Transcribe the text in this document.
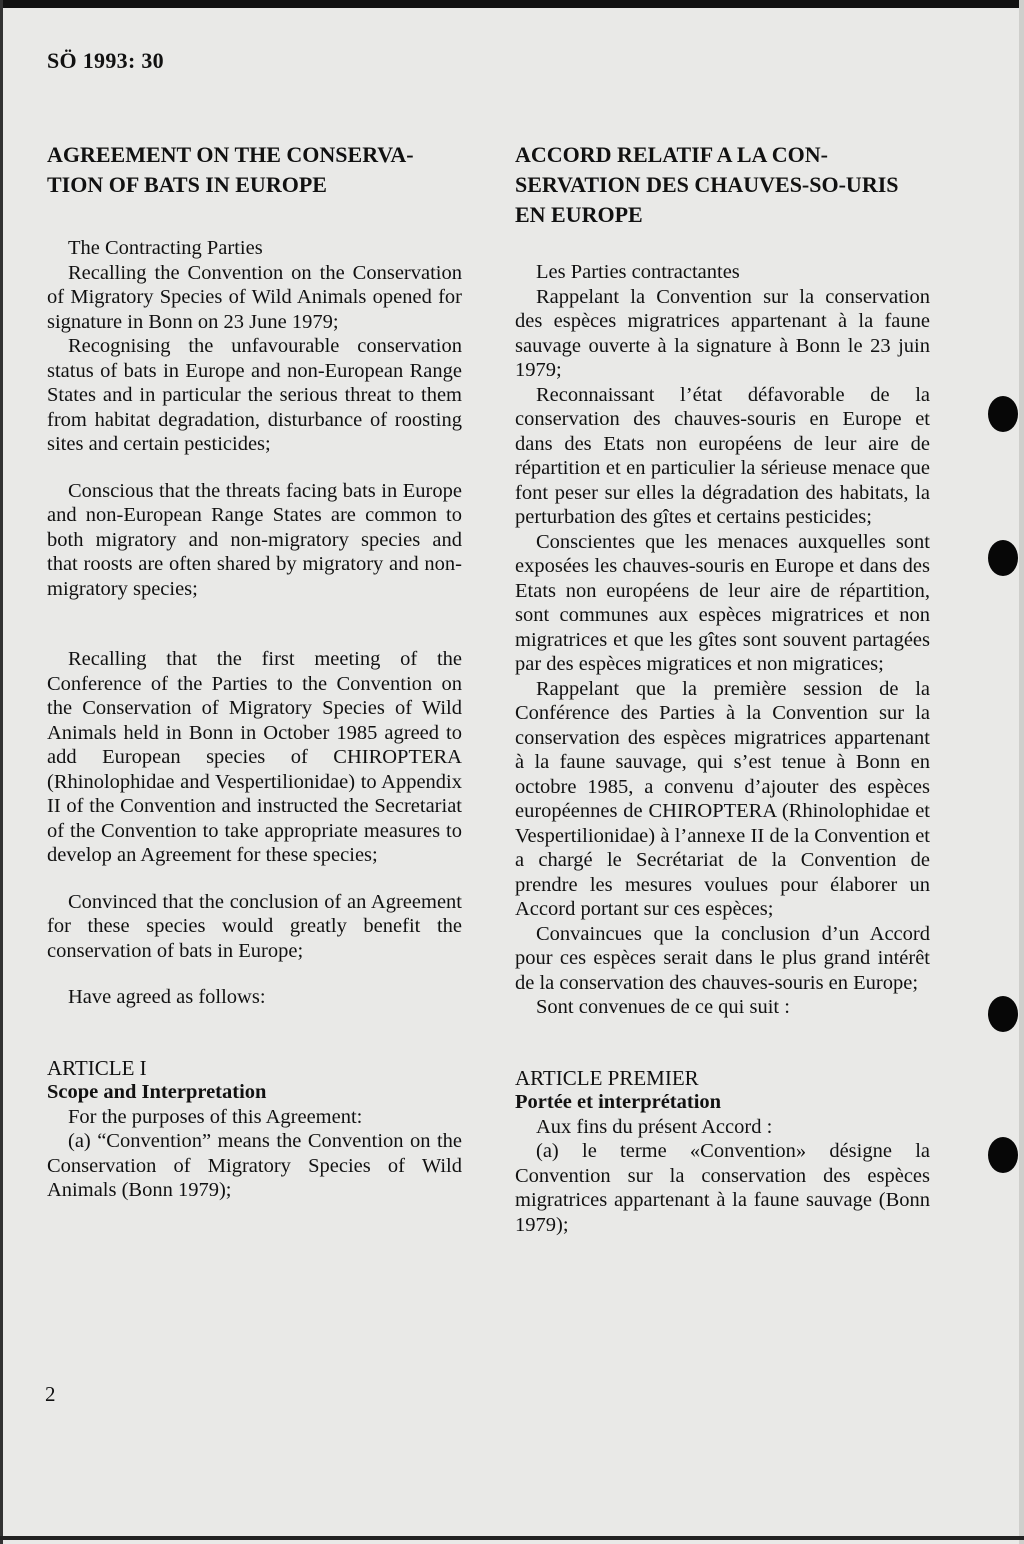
SÖ 1993: 30
AGREEMENT ON THE CONSERVA-TION OF BATS IN EUROPE

The Contracting Parties

Recalling the Convention on the Conservation of Migratory Species of Wild Animals opened for signature in Bonn on 23 June 1979;

Recognising the unfavourable conservation status of bats in Europe and non-European Range States and in particular the serious threat to them from habitat degradation, disturbance of roosting sites and certain pesticides;

Conscious that the threats facing bats in Europe and non-European Range States are common to both migratory and non-migratory species and that roosts are often shared by migratory and non-migratory species;

Recalling that the first meeting of the Conference of the Parties to the Convention on the Conservation of Migratory Species of Wild Animals held in Bonn in October 1985 agreed to add European species of CHIROPTERA (Rhinolophidae and Vespertilionidae) to Appendix II of the Convention and instructed the Secretariat of the Convention to take appropriate measures to develop an Agreement for these species;

Convinced that the conclusion of an Agreement for these species would greatly benefit the conservation of bats in Europe;

Have agreed as follows:

ARTICLE I
Scope and Interpretation

For the purposes of this Agreement:

(a) “Convention” means the Convention on the Conservation of Migratory Species of Wild Animals (Bonn 1979);

ACCORD RELATIF A LA CON-SERVATION DES CHAUVES-SO-URIS EN EUROPE

Les Parties contractantes

Rappelant la Convention sur la conservation des espèces migratrices appartenant à la faune sauvage ouverte à la signature à Bonn le 23 juin 1979;

Reconnaissant l’état défavorable de la conservation des chauves-souris en Europe et dans des Etats non européens de leur aire de répartition et en particulier la sérieuse menace que font peser sur elles la dégradation des habitats, la perturbation des gîtes et certains pesticides;

Conscientes que les menaces auxquelles sont exposées les chauves-souris en Europe et dans des Etats non européens de leur aire de répartition, sont communes aux espèces migratrices et non migratrices et que les gîtes sont souvent partagées par des espèces migratices et non migratices;

Rappelant que la première session de la Conférence des Parties à la Convention sur la conservation des espèces migratrices appartenant à la faune sauvage, qui s’est tenue à Bonn en octobre 1985, a convenu d’ajouter des espèces européennes de CHIROPTERA (Rhinolophidae et Vespertilionidae) à l’annexe II de la Convention et a chargé le Secrétariat de la Convention de prendre les mesures voulues pour élaborer un Accord portant sur ces espèces;

Convaincues que la conclusion d’un Accord pour ces espèces serait dans le plus grand intérêt de la conservation des chauves-souris en Europe;

Sont convenues de ce qui suit :

ARTICLE PREMIER
Portée et interprétation

Aux fins du présent Accord :

(a) le terme «Convention» désigne la Convention sur la conservation des espèces migratrices appartenant à la faune sauvage (Bonn 1979);

2
